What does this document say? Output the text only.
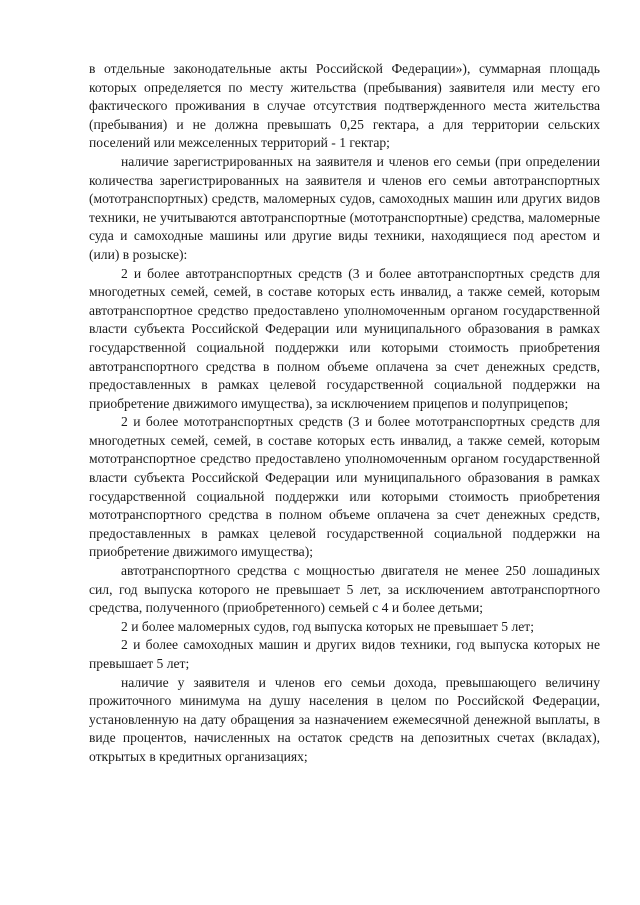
в отдельные законодательные акты Российской Федерации»), суммарная площадь которых определяется по месту жительства (пребывания) заявителя или месту его фактического проживания в случае отсутствия подтвержденного места жительства (пребывания) и не должна превышать 0,25 гектара, а для территории сельских поселений или межселенных территорий - 1 гектар;

наличие зарегистрированных на заявителя и членов его семьи (при определении количества зарегистрированных на заявителя и членов его семьи автотранспортных (мототранспортных) средств, маломерных судов, самоходных машин или других видов техники, не учитываются автотранспортные (мототранспортные) средства, маломерные суда и самоходные машины или другие виды техники, находящиеся под арестом и (или) в розыске):

2 и более автотранспортных средств (3 и более автотранспортных средств для многодетных семей, семей, в составе которых есть инвалид, а также семей, которым автотранспортное средство предоставлено уполномоченным органом государственной власти субъекта Российской Федерации или муниципального образования в рамках государственной социальной поддержки или которыми стоимость приобретения автотранспортного средства в полном объеме оплачена за счет денежных средств, предоставленных в рамках целевой государственной социальной поддержки на приобретение движимого имущества), за исключением прицепов и полуприцепов;

2 и более мототранспортных средств (3 и более мототранспортных средств для многодетных семей, семей, в составе которых есть инвалид, а также семей, которым мототранспортное средство предоставлено уполномоченным органом государственной власти субъекта Российской Федерации или муниципального образования в рамках государственной социальной поддержки или которыми стоимость приобретения мототранспортного средства в полном объеме оплачена за счет денежных средств, предоставленных в рамках целевой государственной социальной поддержки на приобретение движимого имущества);

автотранспортного средства с мощностью двигателя не менее 250 лошадиных сил, год выпуска которого не превышает 5 лет, за исключением автотранспортного средства, полученного (приобретенного) семьей с 4 и более детьми;

2 и более маломерных судов, год выпуска которых не превышает 5 лет;

2 и более самоходных машин и других видов техники, год выпуска которых не превышает 5 лет;

наличие у заявителя и членов его семьи дохода, превышающего величину прожиточного минимума на душу населения в целом по Российской Федерации, установленную на дату обращения за назначением ежемесячной денежной выплаты, в виде процентов, начисленных на остаток средств на депозитных счетах (вкладах), открытых в кредитных организациях;
